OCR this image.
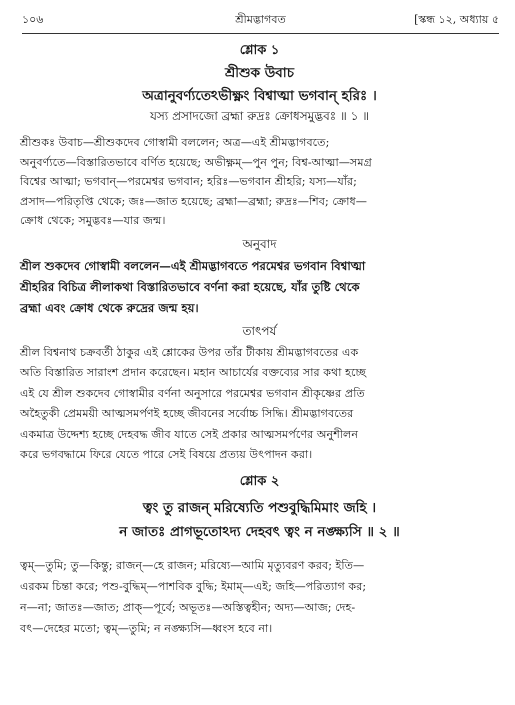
১০৬	শ্রীমদ্ভাগবত	[স্কন্ধ ১২, অধ্যায় ৫
শ্লোক ১
শ্রীশুক উবাচ
অত্রানুবর্ণ্যতেঽভীক্ষ্ণং বিশ্বাত্মা ভগবান্ হরিঃ ।
যস্য প্রসাদজো ব্রহ্মা রুদ্রঃ ক্রোধসমুদ্ভবঃ ॥ ১ ॥
শ্রীশুকঃ উবাচ—শ্রীশুকদেব গোস্বামী বললেন; অত্র—এই শ্রীমদ্ভাগবতে;
অনুবর্ণ্যতে—বিস্তারিতভাবে বর্ণিত হয়েছে; অভীক্ষ্ণম্—পুন পুন; বিশ্ব-আত্মা—সমগ্র
বিশ্বের আত্মা; ভগবান্—পরমেশ্বর ভগবান; হরিঃ—ভগবান শ্রীহরি; যস্য—যাঁর;
প্রসাদ—পরিতৃপ্তি থেকে; জঃ—জাত হয়েছে; ব্রহ্মা—ব্রহ্মা; রুদ্রঃ—শিব; ক্রোধ—
ক্রোধ থেকে; সমুদ্ভবঃ—যার জন্ম।
অনুবাদ
শ্রীল শুকদেব গোস্বামী বললেন—এই শ্রীমদ্ভাগবতে পরমেশ্বর ভগবান বিশ্বাত্মা
শ্রীহরির বিচিত্র লীলাকথা বিস্তারিতভাবে বর্ণনা করা হয়েছে, যাঁর তুষ্টি থেকে
ব্রহ্মা এবং ক্রোধ থেকে রুদ্রের জন্ম হয়।
তাৎপর্য
শ্রীল বিশ্বনাথ চক্রবর্তী ঠাকুর এই শ্লোকের উপর তাঁর টীকায় শ্রীমদ্ভাগবতের এক
অতি বিস্তারিত সারাংশ প্রদান করেছেন। মহান আচার্যের বক্তব্যের সার কথা হচ্ছে
এই যে শ্রীল শুকদেব গোস্বামীর বর্ণনা অনুসারে পরমেশ্বর ভগবান শ্রীকৃষ্ণের প্রতি
অহৈতুকী প্রেমময়ী আত্মসমর্পণই হচ্ছে জীবনের সর্বোচ্চ সিদ্ধি। শ্রীমদ্ভাগবতের
একমাত্র উদ্দেশ্য হচ্ছে দেহবদ্ধ জীব যাতে সেই প্রকার আত্মসমর্পণের অনুশীলন
করে ভগবদ্ধামে ফিরে যেতে পারে সেই বিষয়ে প্রত্যয় উৎপাদন করা।
শ্লোক ২
ত্বং তু রাজন্ মরিষ্যেতি পশুবুদ্ধিমিমাং জহি ।
ন জাতঃ প্রাগভূতোঽদ্য দেহবৎ ত্বং ন নঙ্ক্ষ্যসি ॥ ২ ॥
ত্বম্—তুমি; তু—কিন্তু; রাজন্—হে রাজন; মরিষ্যে—আমি মৃত্যুবরণ করব; ইতি—
এরকম চিন্তা করে; পশু-বুদ্ধিম্—পাশবিক বুদ্ধি; ইমাম্—এই; জহি—পরিত্যাগ কর;
ন—না; জাতঃ—জাত; প্রাক্—পূর্বে; অভূতঃ—অস্তিত্বহীন; অদ্য—আজ; দেহ-
বৎ—দেহের মতো; ত্বম্—তুমি; ন নঙ্ক্ষ্যসি—ধ্বংস হবে না।
